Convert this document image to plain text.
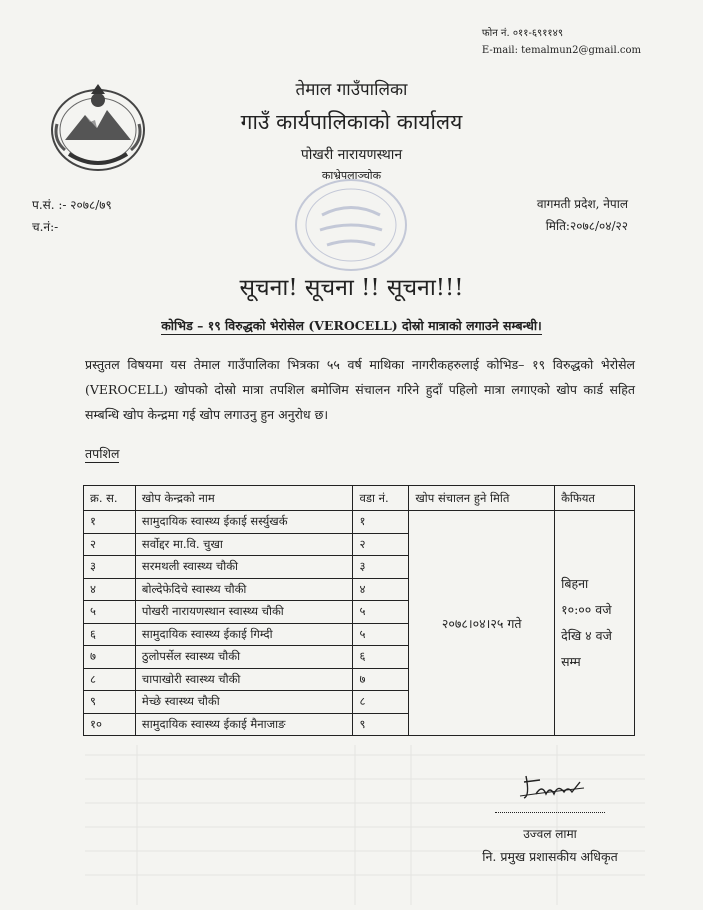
फोन नं. ०११-६९११४९
E-mail: temalmun2@gmail.com
तेमाल गाउँपालिका
गाउँ कार्यपालिकाको कार्यालय
पोखरी नारायणस्थान
काभ्रेपलाञ्चोक
प.सं. :- २०७८/७९
च.नं:-
वागमती प्रदेश, नेपाल
मिति:२०७८/०४/२२
सूचना! सूचना !! सूचना!!!
कोभिड – १९ विरुद्धको भेरोसेल (VEROCELL) दोस्रो मात्राको लगाउने सम्बन्धी।
प्रस्तुतल विषयमा यस तेमाल गाउँपालिका भित्रका ५५ वर्ष माथिका नागरीकहरुलाई कोभिड– १९ विरुद्धको भेरोसेल (VEROCELL) खोपको दोस्रो मात्रा तपशिल बमोजिम संचालन गरिने हुदाँ पहिलो मात्रा लगाएको खोप कार्ड सहित सम्बन्धि खोप केन्द्रमा गई खोप लगाउनु हुन अनुरोध छ।
तपशिल
क्र. स.	खोप केन्द्रको नाम	वडा नं.	खोप संचालन हुने मिति	कैफियत
१	सामुदायिक स्वास्थ्य ईकाई सर्स्युखर्क	१	२०७८।०४।२५ गते	बिहना
१०:०० वजे
देखि ४ वजे
सम्म

२	सर्वोद्दर मा.वि. चुखा	२		
३	सरमथली स्वास्थ्य चौकी	३		
४	बोल्देफेदिचे स्वास्थ्य चौकी	४		
५	पोखरी नारायणस्थान स्वास्थ्य चौकी	५		
६	सामुदायिक स्वास्थ्य ईकाई गिम्दी	५		
७	ठुलोपर्सेल स्वास्थ्य चौकी	६		
८	चापाखोरी स्वास्थ्य चौकी	७		
९	मेच्छे स्वास्थ्य चौकी	८		
१०	सामुदायिक स्वास्थ्य ईकाई मैनाजाङ	९		
उज्वल लामा
नि. प्रमुख प्रशासकीय अधिकृत
